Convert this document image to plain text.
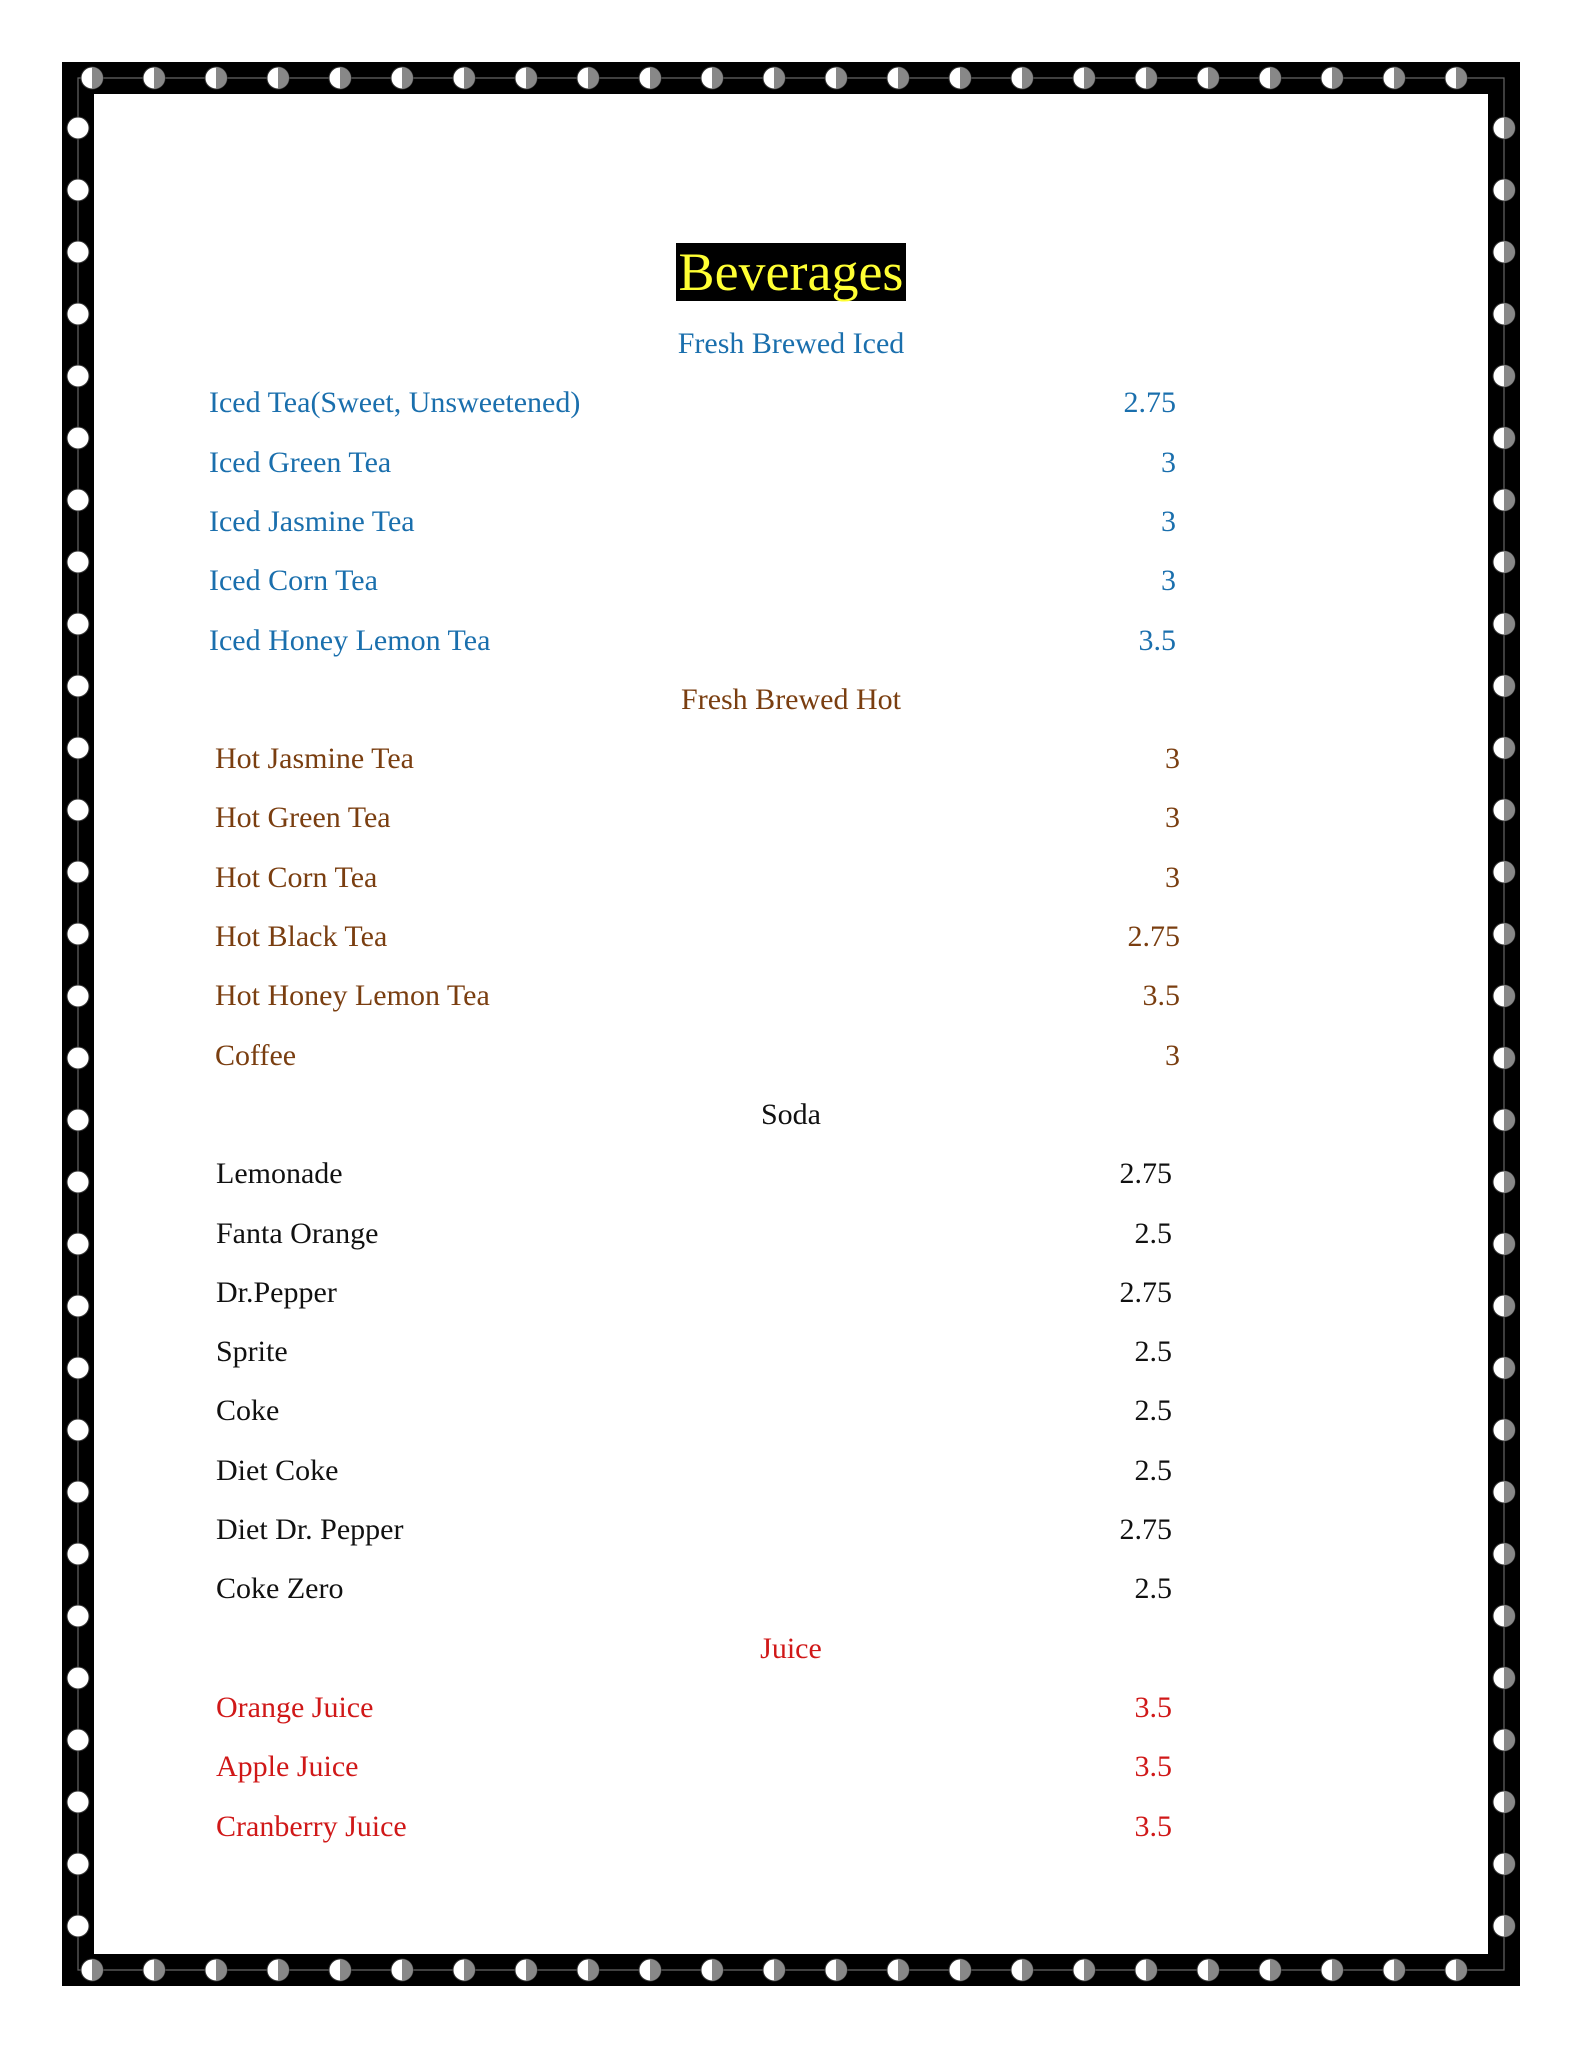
Beverages
Fresh Brewed Iced
Iced Tea(Sweet, Unsweetened)	2.75
Iced Green Tea	3
Iced Jasmine Tea	3
Iced Corn Tea	3
Iced Honey Lemon Tea	3.5
Fresh Brewed Hot
Hot Jasmine Tea	3
Hot Green Tea	3
Hot Corn Tea	3
Hot Black Tea	2.75
Hot Honey Lemon Tea	3.5
Coffee	3
Soda
Lemonade	2.75
Fanta Orange	2.5
Dr.Pepper	2.75
Sprite	2.5
Coke	2.5
Diet Coke	2.5
Diet Dr. Pepper	2.75
Coke Zero	2.5
Juice
Orange Juice	3.5
Apple Juice	3.5
Cranberry Juice	3.5
